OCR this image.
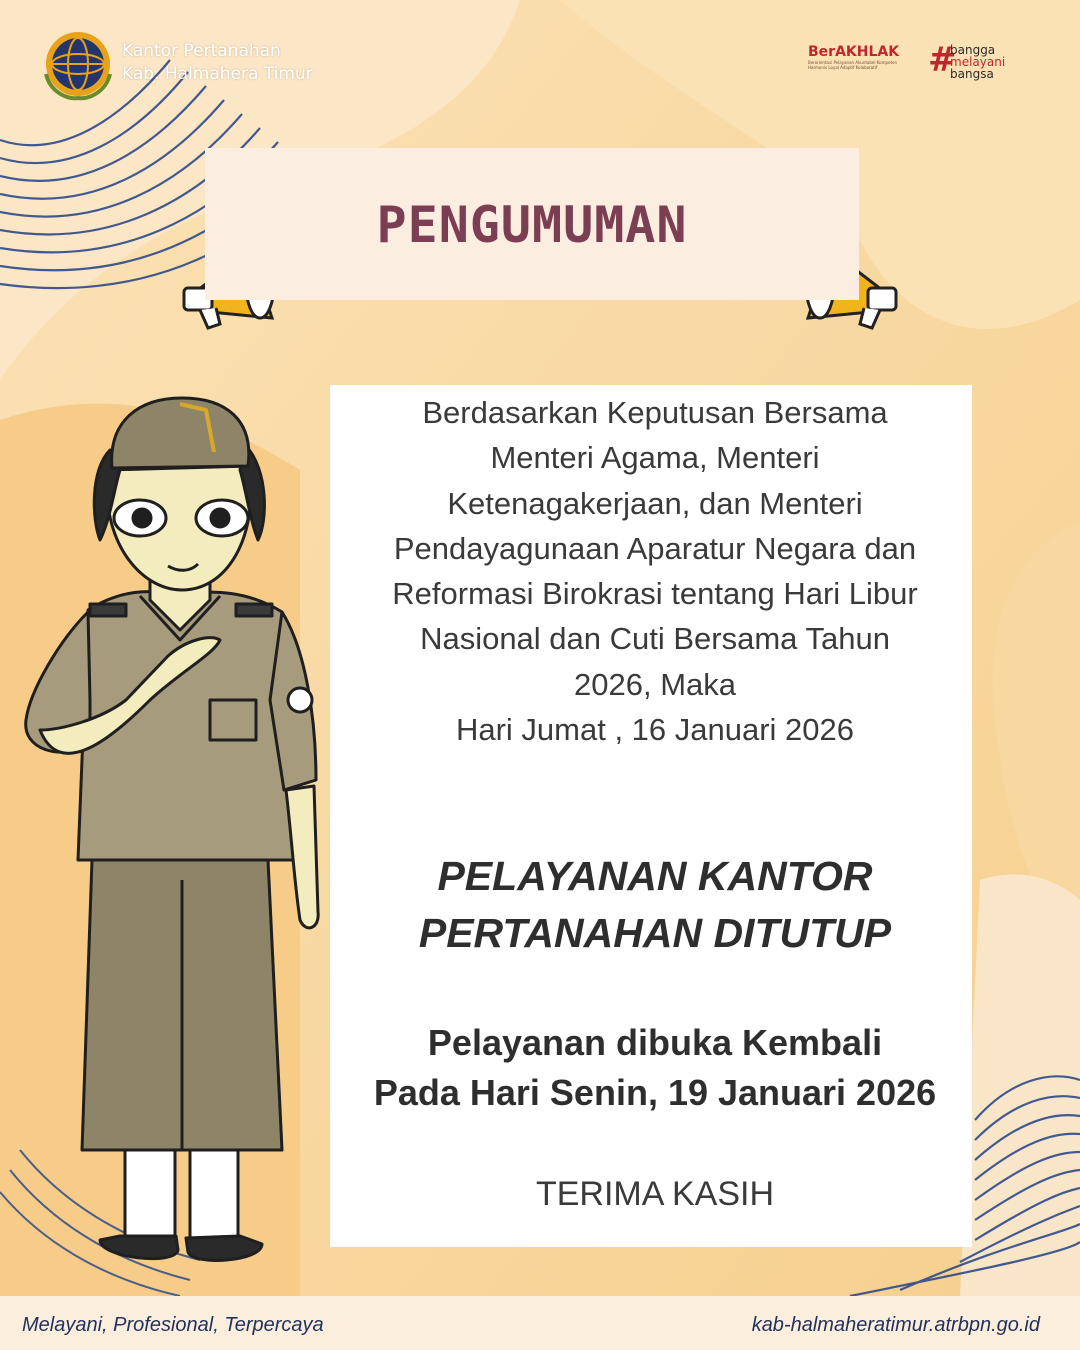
Kantor Pertanahan
Kab. Halmahera Timur
BerAKHLAK
Berorientasi Pelayanan Akuntabel Kompeten
Harmonis Loyal Adaptif Kolaboratif	#
bangga
melayani
bangsa
PENGUMUMAN
Berdasarkan Keputusan Bersama
Menteri Agama, Menteri
Ketenagakerjaan, dan Menteri
Pendayagunaan Aparatur Negara dan
Reformasi Birokrasi tentang Hari Libur
Nasional dan Cuti Bersama Tahun
2026, Maka
Hari Jumat , 16 Januari 2026
PELAYANAN KANTOR
PERTANAHAN DITUTUP
Pelayanan dibuka Kembali
Pada Hari Senin, 19 Januari 2026
TERIMA KASIH
Melayani, Profesional, Terpercaya	kab-halmaheratimur.atrbpn.go.id
